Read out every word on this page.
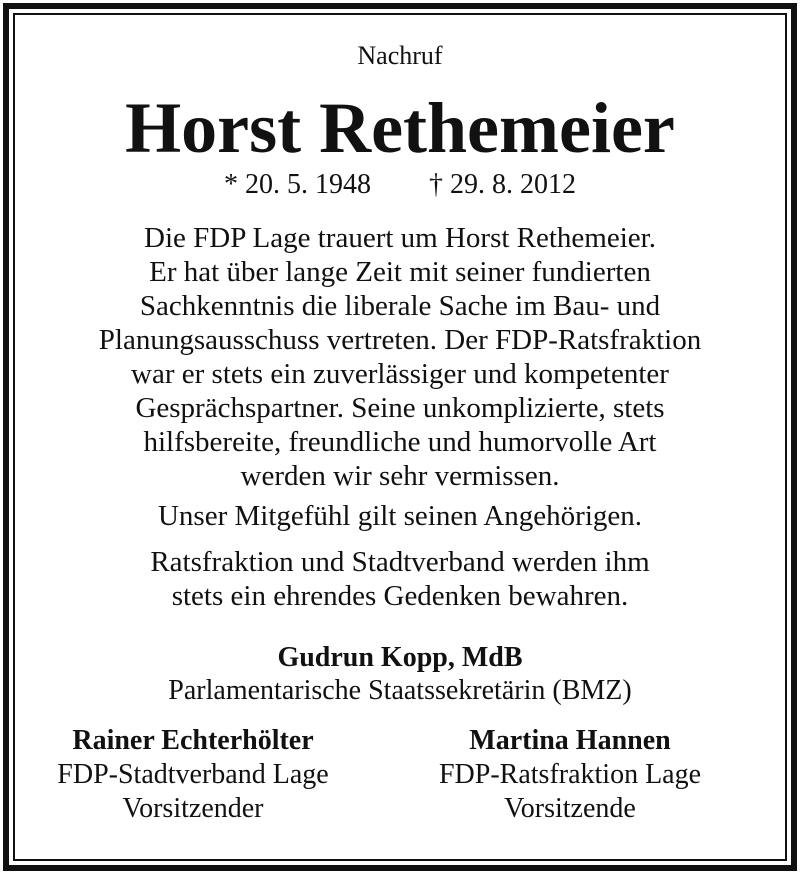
Nachruf
Horst Rethemeier
* 20. 5. 1948 † 29. 8. 2012
Die FDP Lage trauert um Horst Rethemeier.
Er hat über lange Zeit mit seiner fundierten
Sachkenntnis die liberale Sache im Bau- und
Planungsausschuss vertreten. Der FDP-Ratsfraktion
war er stets ein zuverlässiger und kompetenter
Gesprächspartner. Seine unkomplizierte, stets
hilfsbereite, freundliche und humorvolle Art
werden wir sehr vermissen.
Unser Mitgefühl gilt seinen Angehörigen.
Ratsfraktion und Stadtverband werden ihm
stets ein ehrendes Gedenken bewahren.
Gudrun Kopp, MdB
Parlamentarische Staatssekretärin (BMZ)
Rainer Echterhölter
FDP-Stadtverband Lage
Vorsitzender
Martina Hannen
FDP-Ratsfraktion Lage
Vorsitzende
